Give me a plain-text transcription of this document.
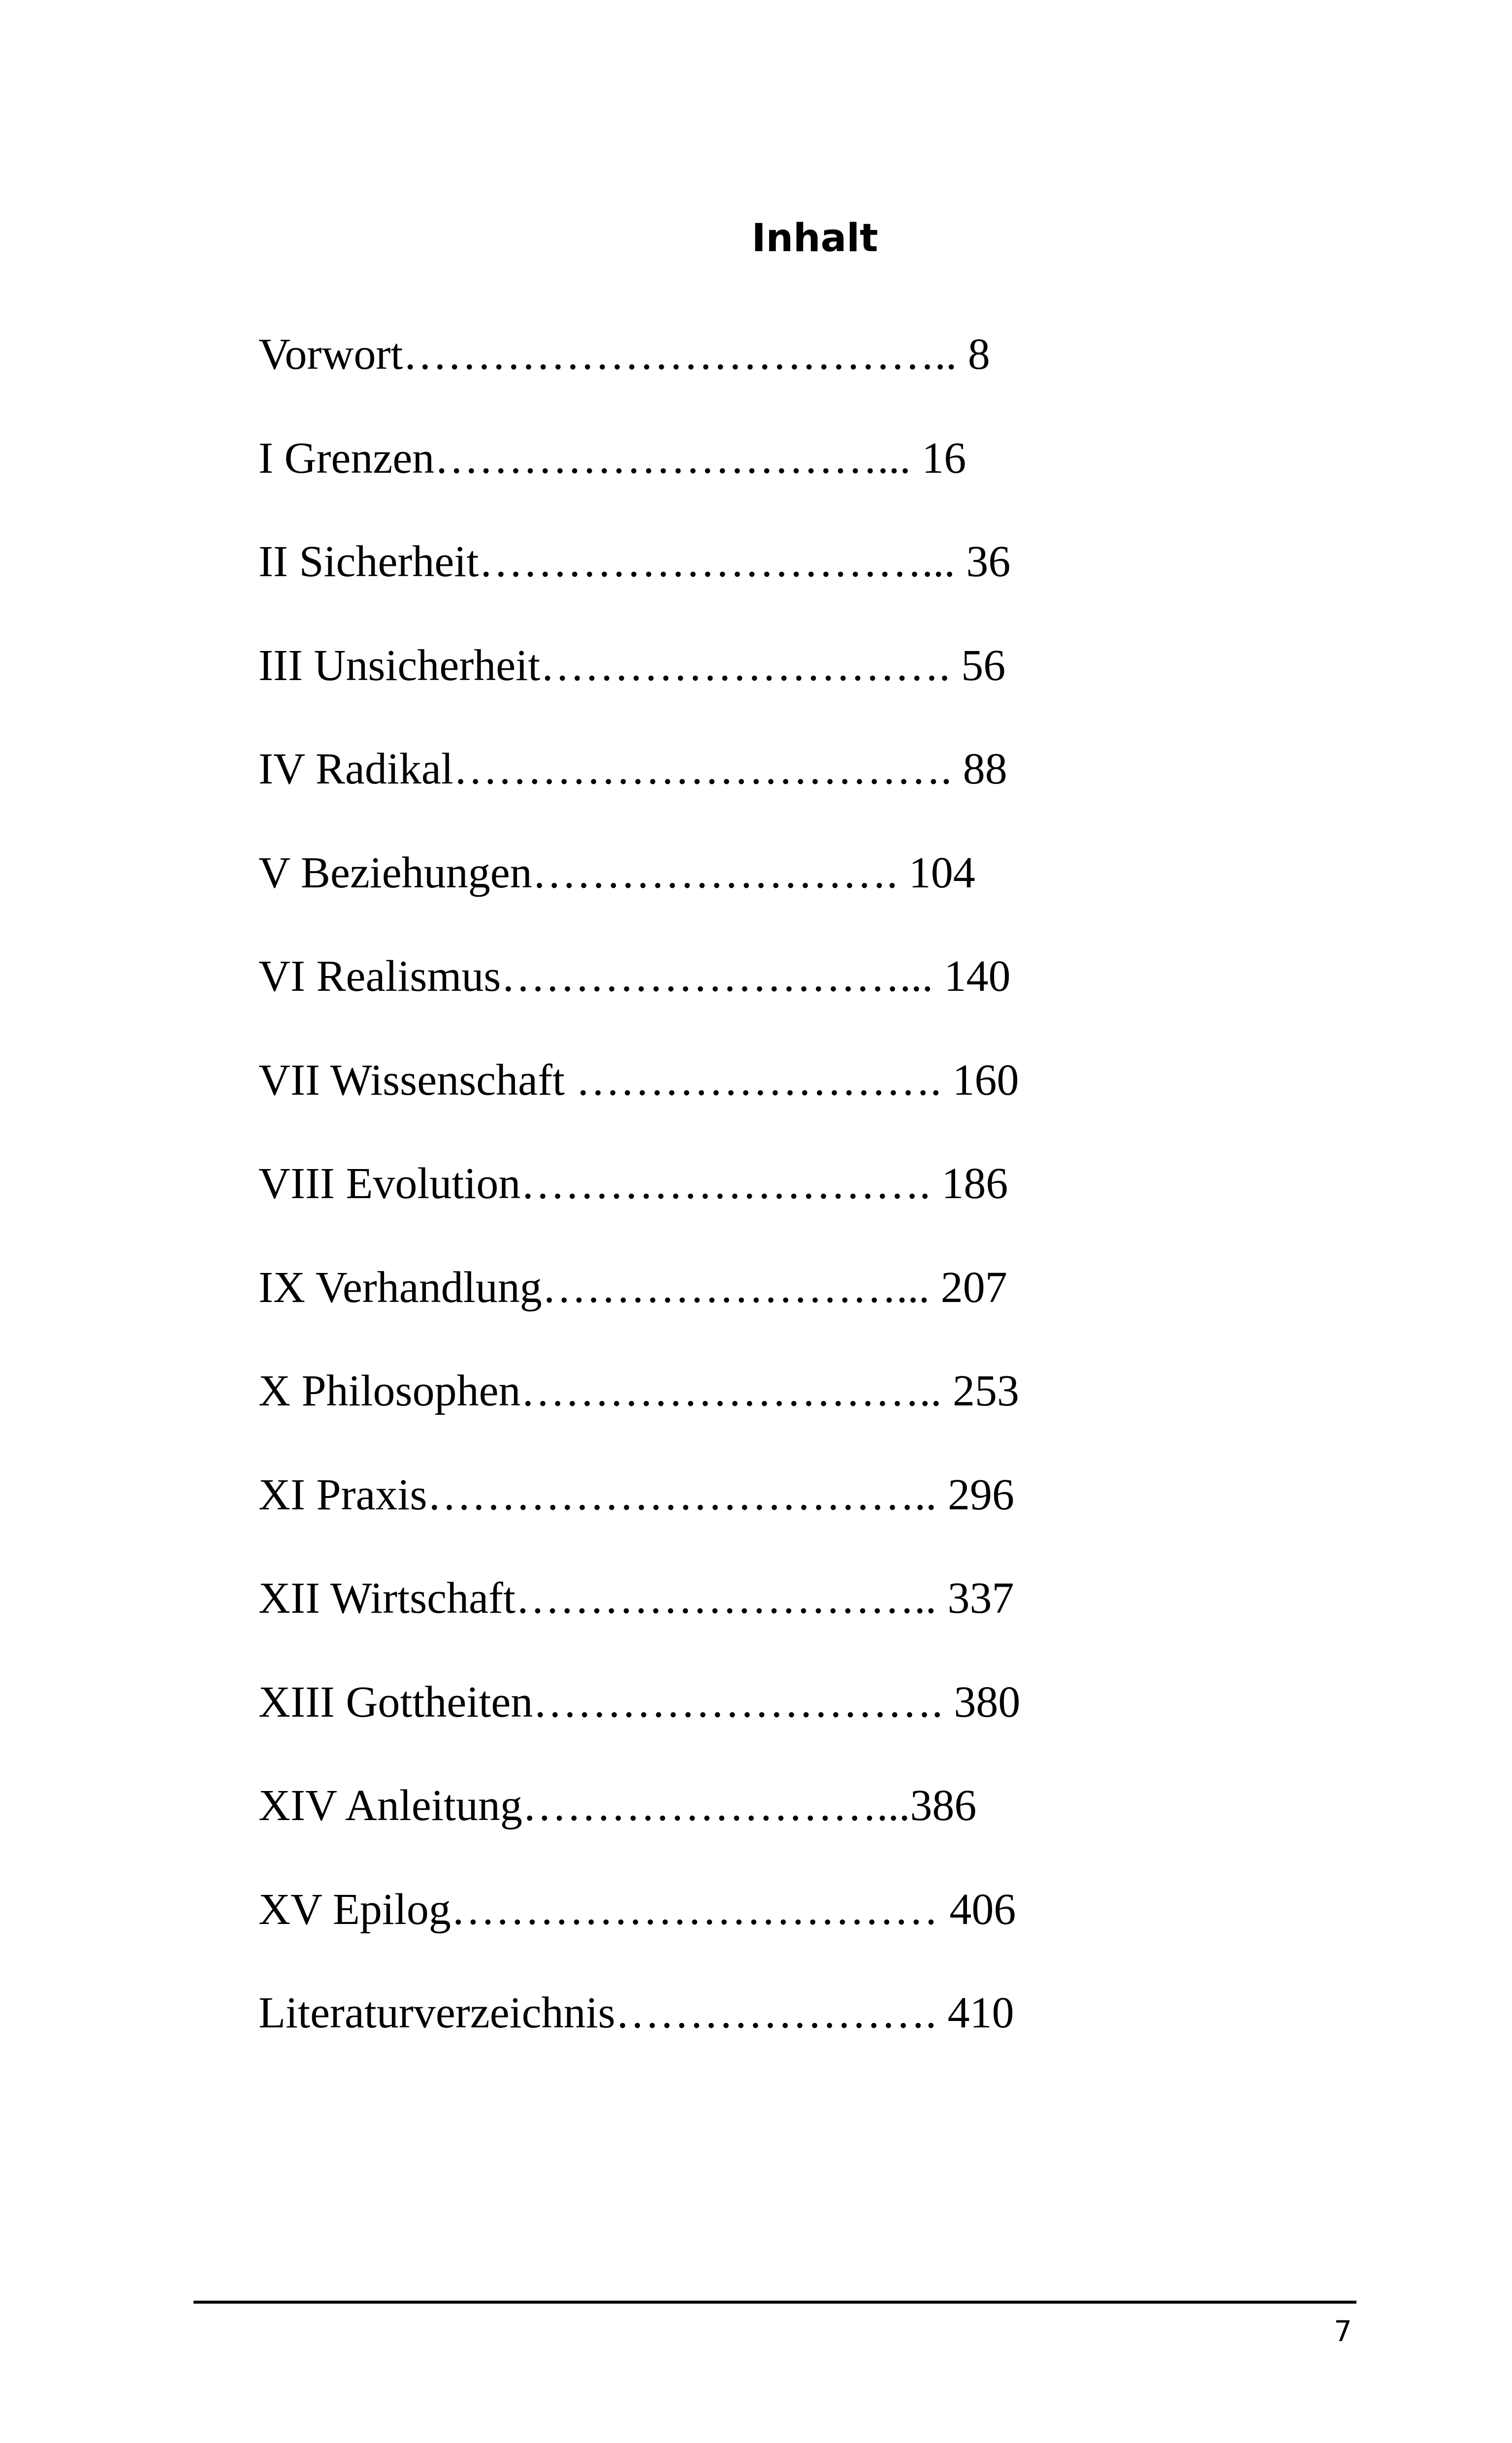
Inhalt
Vorwort……………………………….. 8
I Grenzen…………………………... 16
II Sicherheit…………………………... 36
III Unsicherheit………………………. 56
IV Radikal……………………………. 88
V Beziehungen……………………. 104
VI Realismus………………………... 140
VII Wissenschaft ……………………. 160
VIII Evolution………………………. 186
IX Verhandlung……………………... 207
X Philosophen……………………….. 253
XI Praxis…………………………….. 296
XII Wirtschaft……………………….. 337
XIII Gottheiten………………………. 380
XIV Anleitung……………………...386
XV Epilog…………………………… 406
Literaturverzeichnis…………………. 410
7
